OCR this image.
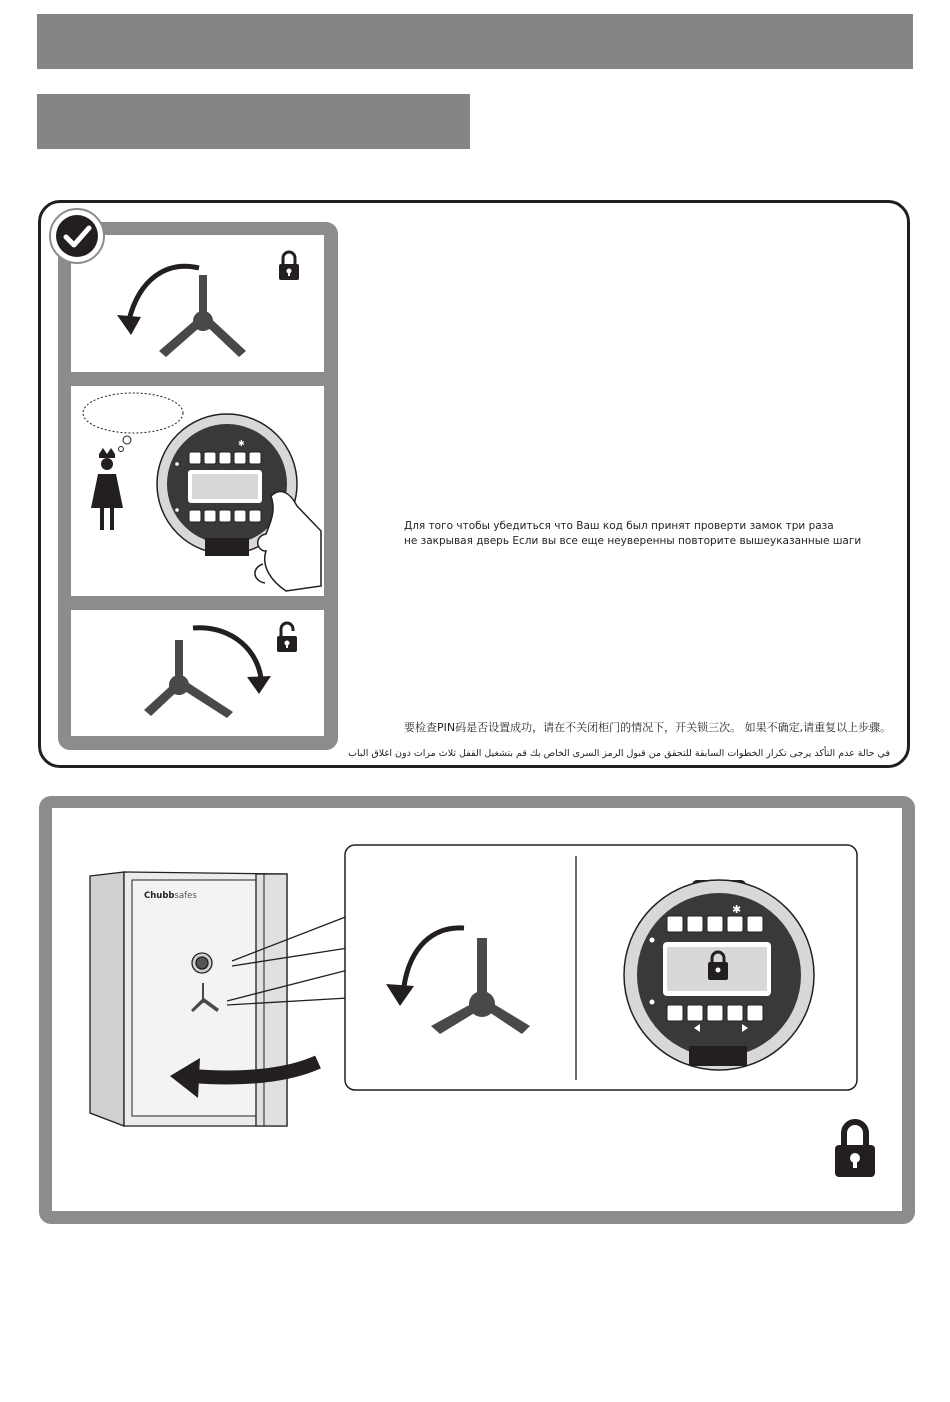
✱
Для того чтобы убедиться что Ваш код был принят проверти замок три раза
не закрывая дверь Если вы все еще неуверенны повторите вышеуказанные шаги
要检查PIN码是否设置成功，请在不关闭柜门的情况下，开关锁三次。 如果不确定,请重复以上步骤。
في حالة عدم التأكد يرجى تكرار الخطوات السابقة للتحقق من قبول الرمز السرى الخاص بك قم بتشغيل القفل ثلاث مرات دون اغلاق الباب
Chubbsafes
✱
